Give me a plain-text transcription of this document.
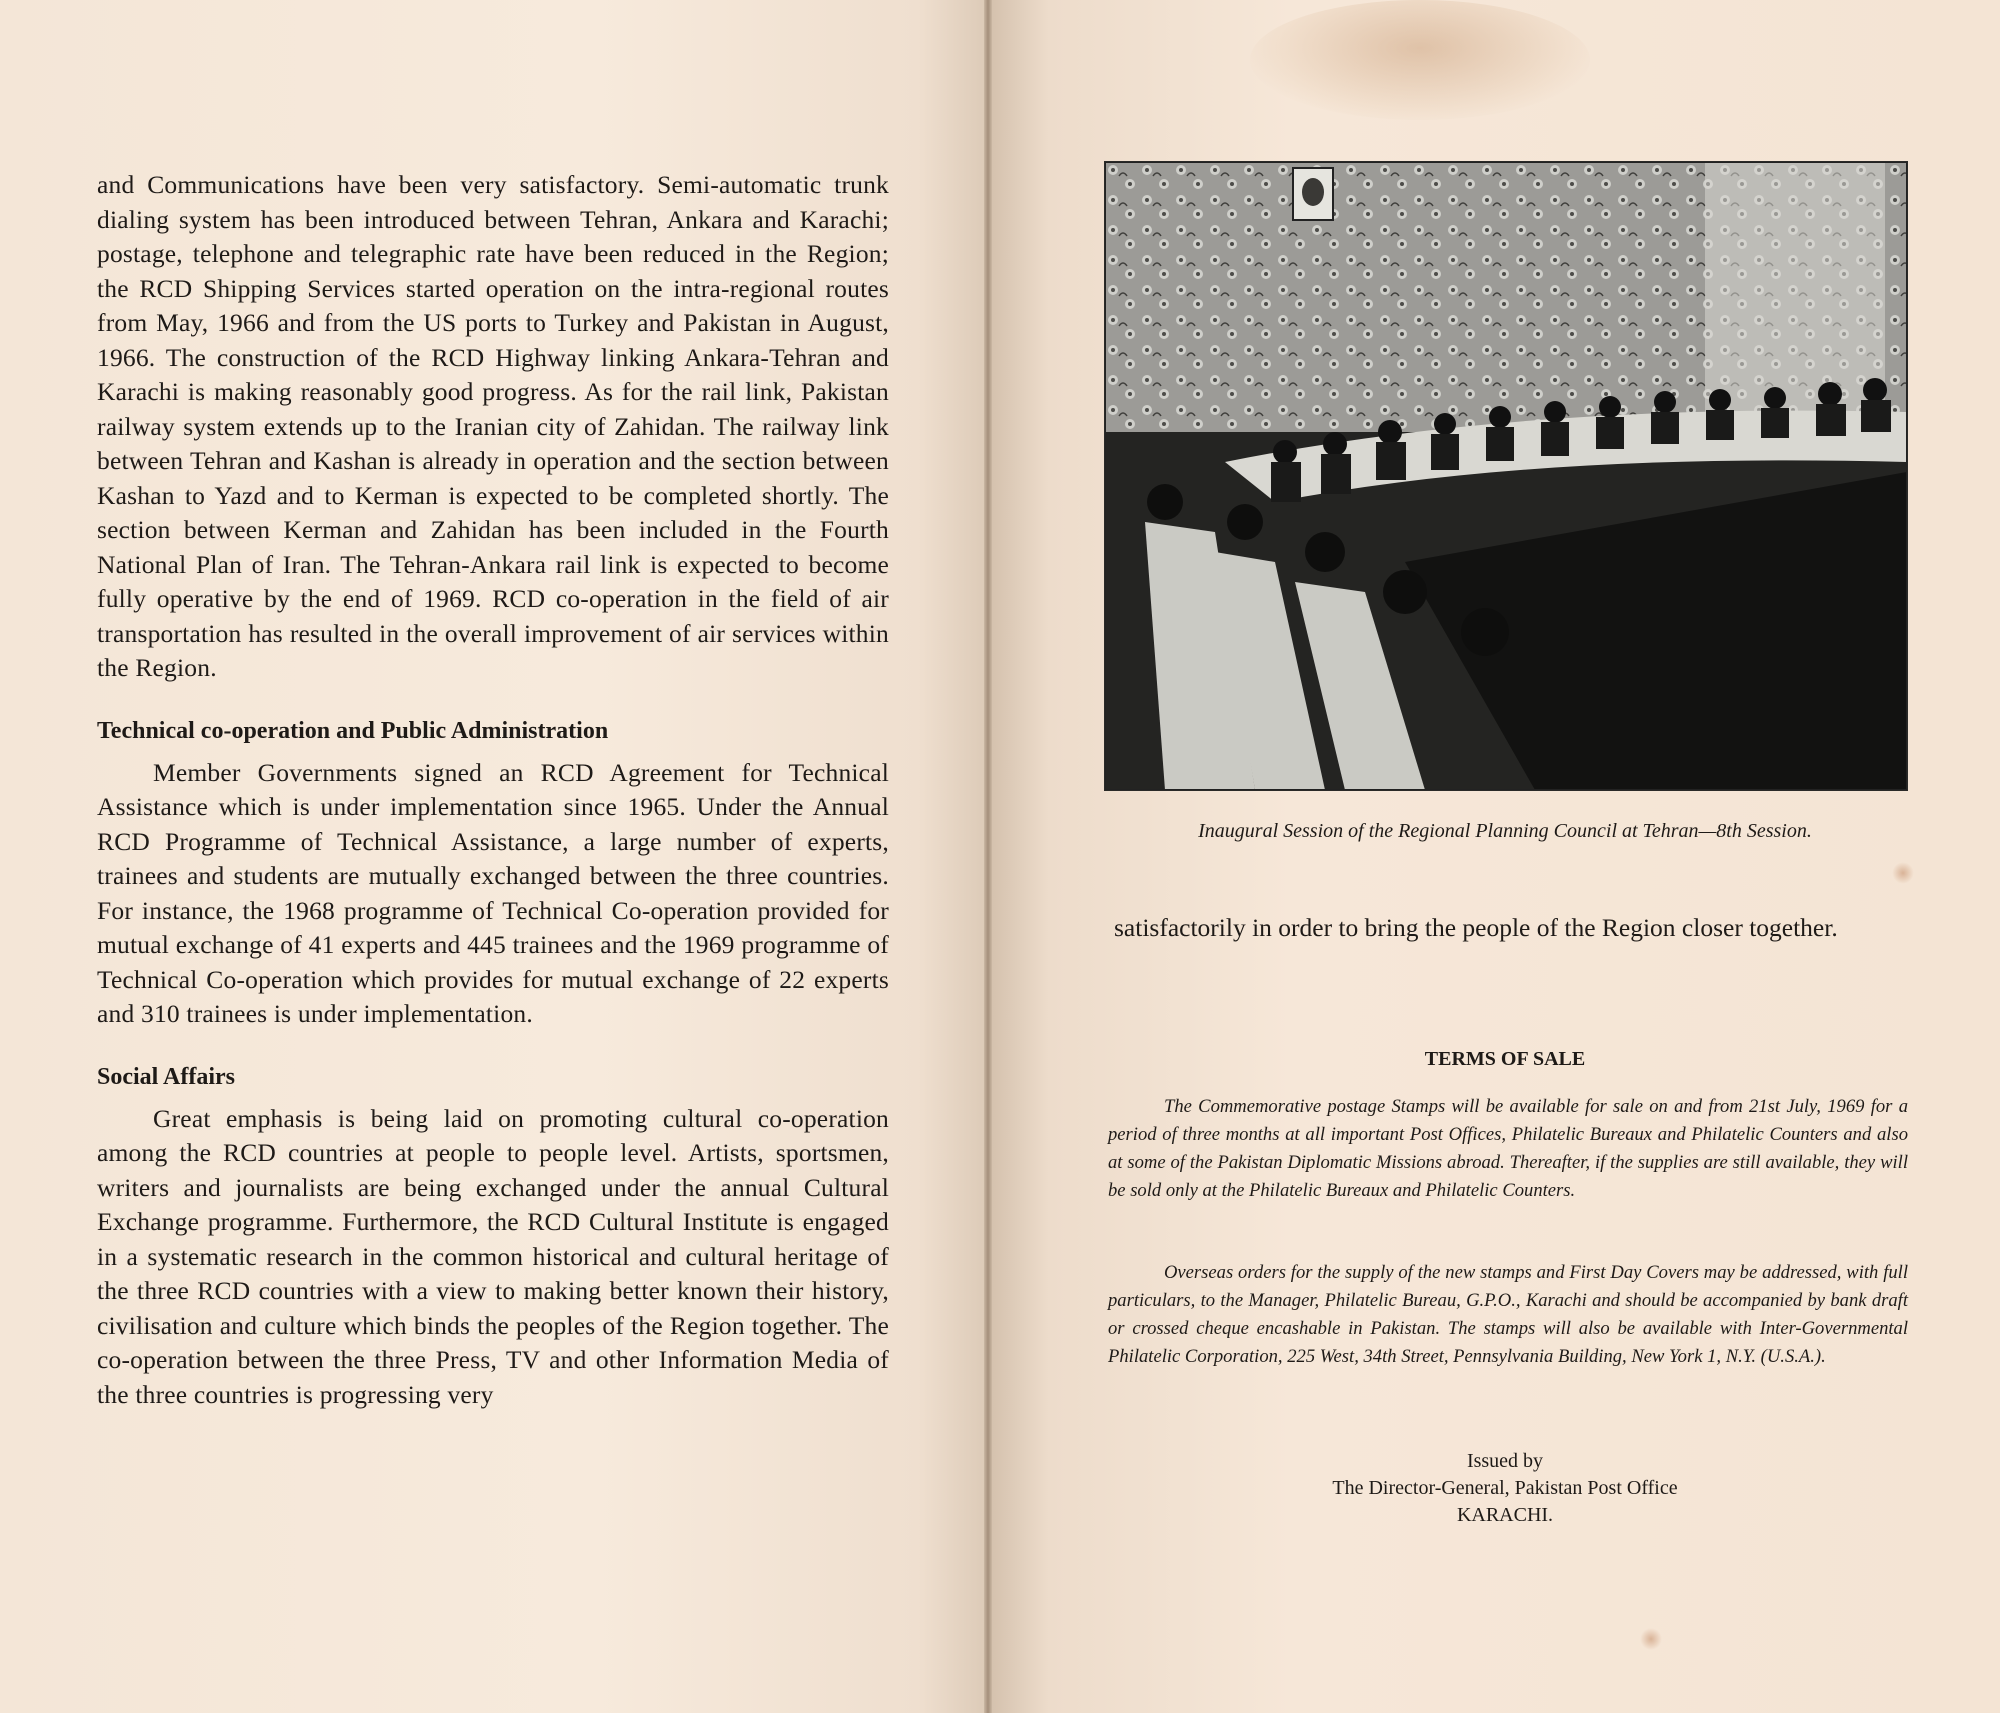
and Communications have been very satisfactory. Semi-automatic trunk dialing system has been introduced between Tehran, Ankara and Karachi; postage, telephone and telegraphic rate have been reduced in the Region; the RCD Shipping Services started operation on the intra-regional routes from May, 1966 and from the US ports to Turkey and Pakistan in August, 1966. The construction of the RCD Highway linking Ankara-Tehran and Karachi is making reasonably good progress. As for the rail link, Pakistan railway system extends up to the Iranian city of Zahidan. The railway link between Tehran and Kashan is already in operation and the section between Kashan to Yazd and to Kerman is expected to be completed shortly. The section between Kerman and Zahidan has been included in the Fourth National Plan of Iran. The Tehran-Ankara rail link is expected to become fully operative by the end of 1969. RCD co-operation in the field of air transportation has resulted in the overall improvement of air services within the Region.

Technical co-operation and Public Administration

Member Governments signed an RCD Agreement for Technical Assistance which is under implementation since 1965. Under the Annual RCD Programme of Technical Assistance, a large number of experts, trainees and students are mutually exchanged between the three countries. For instance, the 1968 programme of Technical Co-operation provided for mutual exchange of 41 experts and 445 trainees and the 1969 programme of Technical Co-operation which provides for mutual exchange of 22 experts and 310 trainees is under implementation.

Social Affairs

Great emphasis is being laid on promoting cultural co-operation among the RCD countries at people to people level. Artists, sportsmen, writers and journalists are being exchanged under the annual Cultural Exchange programme. Furthermore, the RCD Cultural Institute is engaged in a systematic research in the common historical and cultural heritage of the three RCD countries with a view to making better known their history, civilisation and culture which binds the peoples of the Region together. The co-operation between the three Press, TV and other Information Media of the three countries is progressing very

Inaugural Session of the Regional Planning Council at Tehran—8th Session.

satisfactorily in order to bring the people of the Region closer together.

TERMS OF SALE

The Commemorative postage Stamps will be available for sale on and from 21st July, 1969 for a period of three months at all important Post Offices, Philatelic Bureaux and Philatelic Counters and also at some of the Pakistan Diplomatic Missions abroad. Thereafter, if the supplies are still available, they will be sold only at the Philatelic Bureaux and Philatelic Counters.

Overseas orders for the supply of the new stamps and First Day Covers may be addressed, with full particulars, to the Manager, Philatelic Bureau, G.P.O., Karachi and should be accompanied by bank draft or crossed cheque encashable in Pakistan. The stamps will also be available with Inter-Governmental Philatelic Corporation, 225 West, 34th Street, Pennsylvania Building, New York 1, N.Y. (U.S.A.).

Issued by
The Director-General, Pakistan Post Office
KARACHI.
